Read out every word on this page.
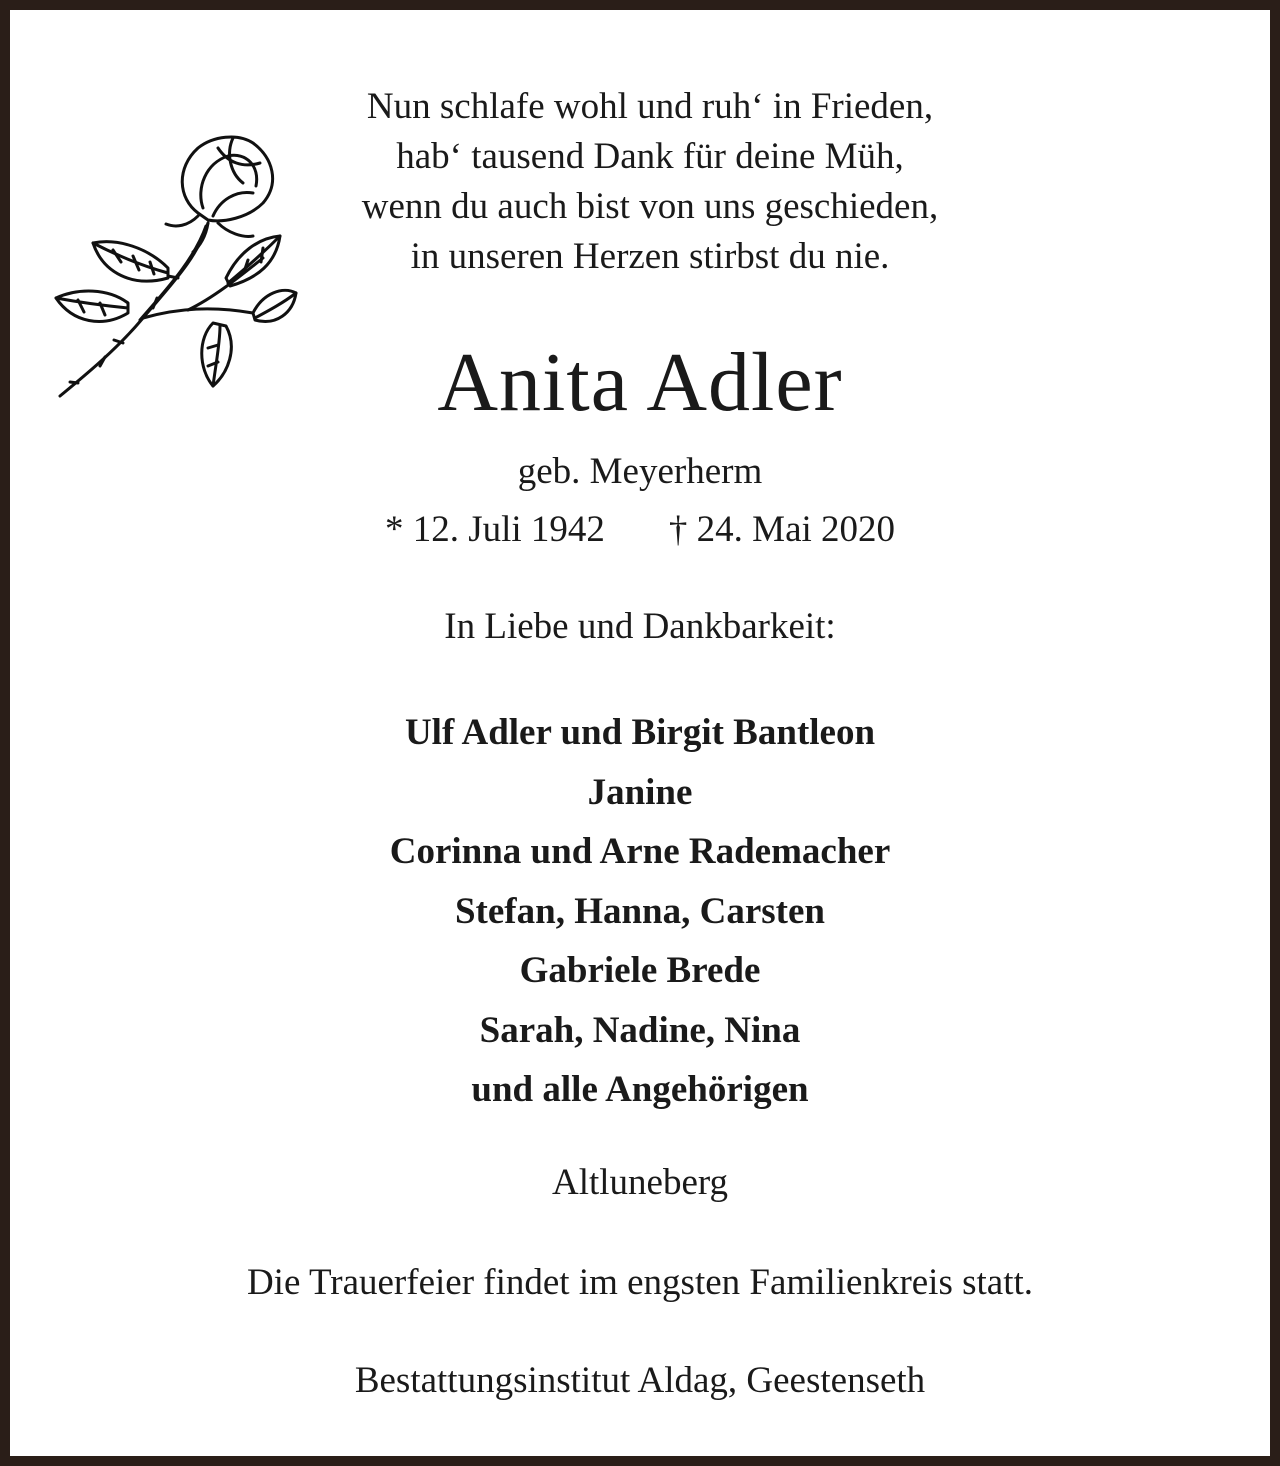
Nun schlafe wohl und ruh‘ in Frieden,
hab‘ tausend Dank für deine Müh,
wenn du auch bist von uns geschieden,
in unseren Herzen stirbst du nie.
Anita Adler
geb. Meyerherm
* 12. Juli 1942 † 24. Mai 2020
In Liebe und Dankbarkeit:
Ulf Adler und Birgit Bantleon
Janine
Corinna und Arne Rademacher
Stefan, Hanna, Carsten
Gabriele Brede
Sarah, Nadine, Nina
und alle Angehörigen
Altluneberg
Die Trauerfeier findet im engsten Familienkreis statt.
Bestattungsinstitut Aldag, Geestenseth
